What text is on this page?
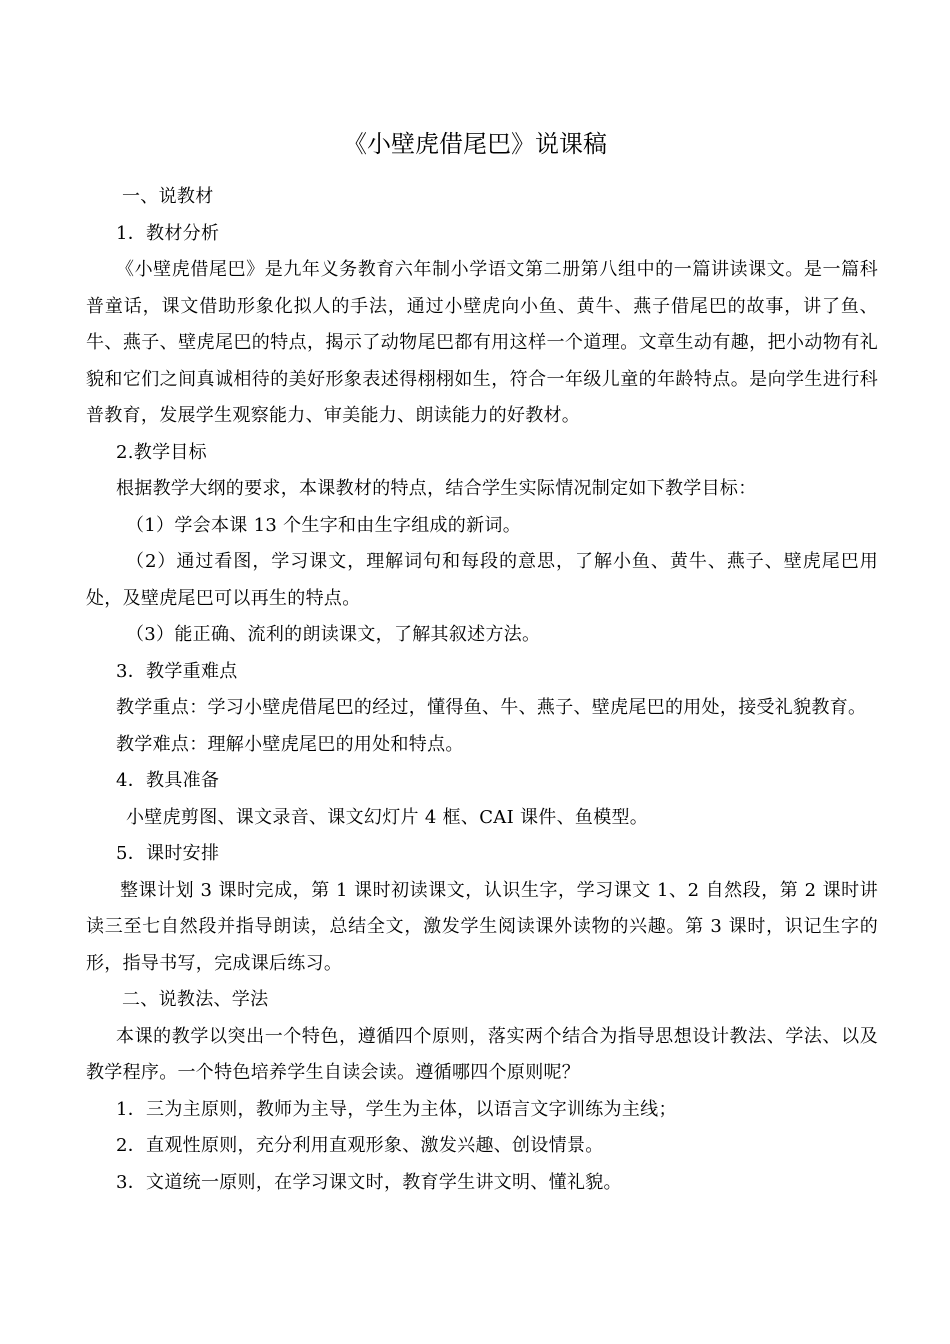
《小壁虎借尾巴》说课稿

一、说教材

1．教材分析

《小壁虎借尾巴》是九年义务教育六年制小学语文第二册第八组中的一篇讲读课文。是一篇科普童话，课文借助形象化拟人的手法，通过小壁虎向小鱼、黄牛、燕子借尾巴的故事，讲了鱼、牛、燕子、壁虎尾巴的特点，揭示了动物尾巴都有用这样一个道理。文章生动有趣，把小动物有礼貌和它们之间真诚相待的美好形象表述得栩栩如生，符合一年级儿童的年龄特点。是向学生进行科普教育，发展学生观察能力、审美能力、朗读能力的好教材。

2.教学目标

根据教学大纲的要求，本课教材的特点，结合学生实际情况制定如下教学目标：

（1）学会本课 13 个生字和由生字组成的新词。

（2）通过看图，学习课文，理解词句和每段的意思，了解小鱼、黄牛、燕子、壁虎尾巴用处，及壁虎尾巴可以再生的特点。

（3）能正确、流利的朗读课文，了解其叙述方法。

3．教学重难点

教学重点：学习小壁虎借尾巴的经过，懂得鱼、牛、燕子、壁虎尾巴的用处，接受礼貌教育。

教学难点：理解小壁虎尾巴的用处和特点。

4．教具准备

小壁虎剪图、课文录音、课文幻灯片 4 框、CAI 课件、鱼模型。

5．课时安排

整课计划 3 课时完成，第 1 课时初读课文，认识生字，学习课文 1、2 自然段，第 2 课时讲读三至七自然段并指导朗读，总结全文，激发学生阅读课外读物的兴趣。第 3 课时，识记生字的形，指导书写，完成课后练习。

二、说教法、学法

本课的教学以突出一个特色，遵循四个原则，落实两个结合为指导思想设计教法、学法、以及教学程序。一个特色培养学生自读会读。遵循哪四个原则呢？

1．三为主原则，教师为主导，学生为主体，以语言文字训练为主线；

2．直观性原则，充分利用直观形象、激发兴趣、创设情景。

3．文道统一原则，在学习课文时，教育学生讲文明、懂礼貌。
